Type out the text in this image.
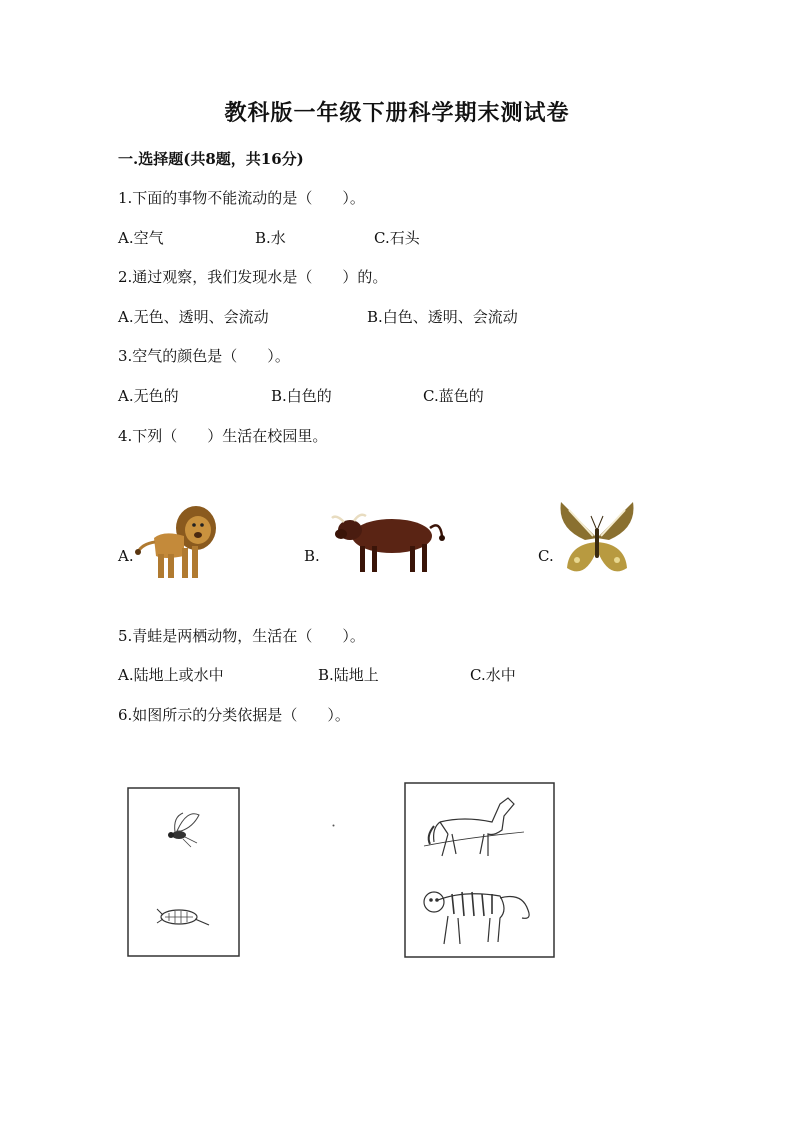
教科版一年级下册科学期末测试卷
一.选择题(共8题，共16分)
1.下面的事物不能流动的是（　　）。
A.空气	B.水	C.石头
2.通过观察，我们发现水是（　　）的。
A.无色、透明、会流动	B.白色、透明、会流动
3.空气的颜色是（　　）。
A.无色的	B.白色的	C.蓝色的
4.下列（　　）生活在校园里。
A.	B.	C.
5.青蛙是两栖动物，生活在（　　）。
A.陆地上或水中	B.陆地上	C.水中
6.如图所示的分类依据是（　　）。
